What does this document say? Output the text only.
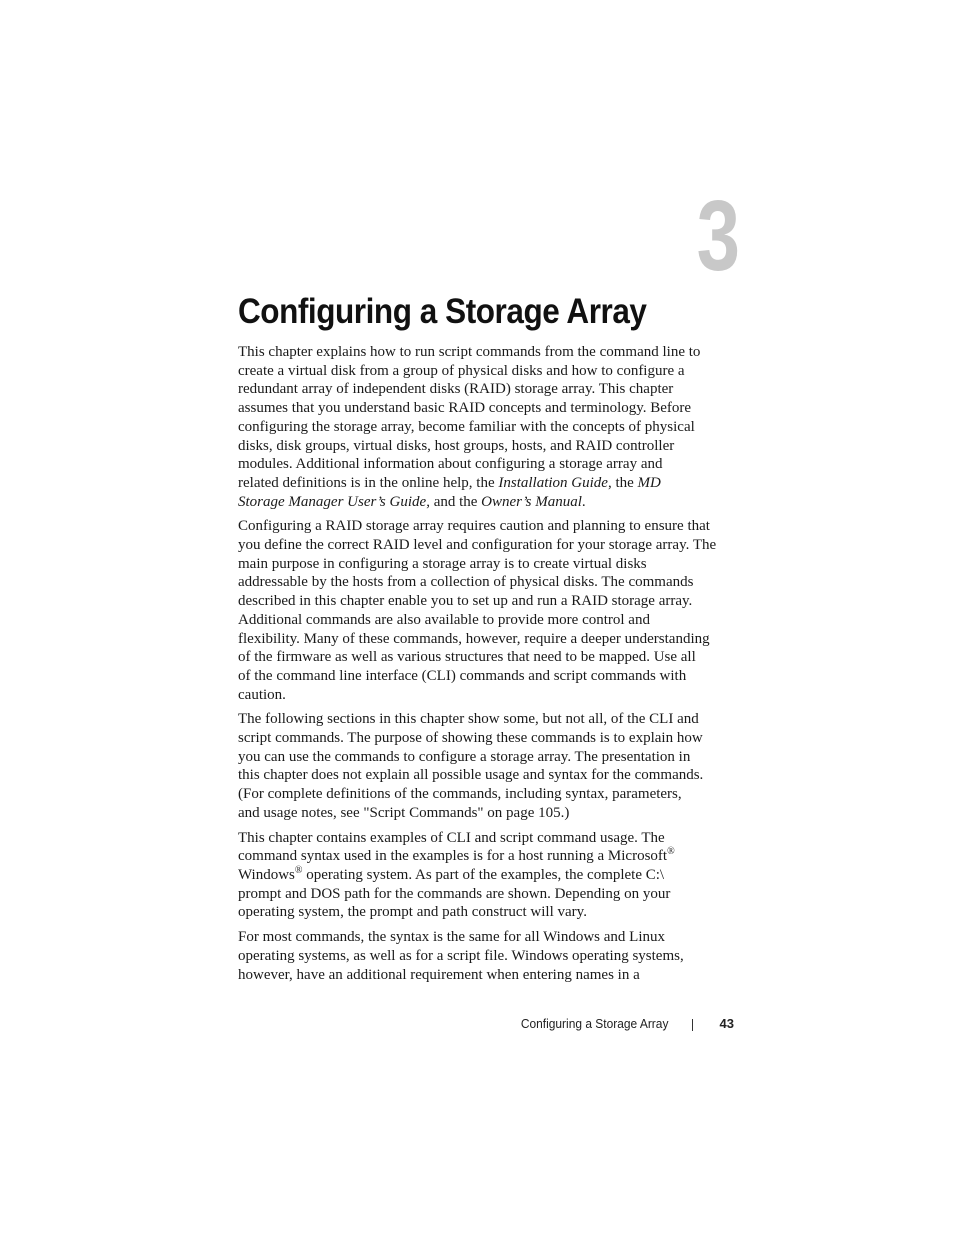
3
Configuring a Storage Array
This chapter explains how to run script commands from the command line to
create a virtual disk from a group of physical disks and how to configure a
redundant array of independent disks (RAID) storage array. This chapter
assumes that you understand basic RAID concepts and terminology. Before
configuring the storage array, become familiar with the concepts of physical
disks, disk groups, virtual disks, host groups, hosts, and RAID controller
modules. Additional information about configuring a storage array and
related definitions is in the online help, the Installation Guide, the MD
Storage Manager User’s Guide, and the Owner’s Manual.
Configuring a RAID storage array requires caution and planning to ensure that
you define the correct RAID level and configuration for your storage array. The
main purpose in configuring a storage array is to create virtual disks
addressable by the hosts from a collection of physical disks. The commands
described in this chapter enable you to set up and run a RAID storage array.
Additional commands are also available to provide more control and
flexibility. Many of these commands, however, require a deeper understanding
of the firmware as well as various structures that need to be mapped. Use all
of the command line interface (CLI) commands and script commands with
caution.
The following sections in this chapter show some, but not all, of the CLI and
script commands. The purpose of showing these commands is to explain how
you can use the commands to configure a storage array. The presentation in
this chapter does not explain all possible usage and syntax for the commands.
(For complete definitions of the commands, including syntax, parameters,
and usage notes, see "Script Commands" on page 105.)
This chapter contains examples of CLI and script command usage. The
command syntax used in the examples is for a host running a Microsoft®
Windows® operating system. As part of the examples, the complete C:\
prompt and DOS path for the commands are shown. Depending on your
operating system, the prompt and path construct will vary.
For most commands, the syntax is the same for all Windows and Linux
operating systems, as well as for a script file. Windows operating systems,
however, have an additional requirement when entering names in a
Configuring a Storage Array	43
